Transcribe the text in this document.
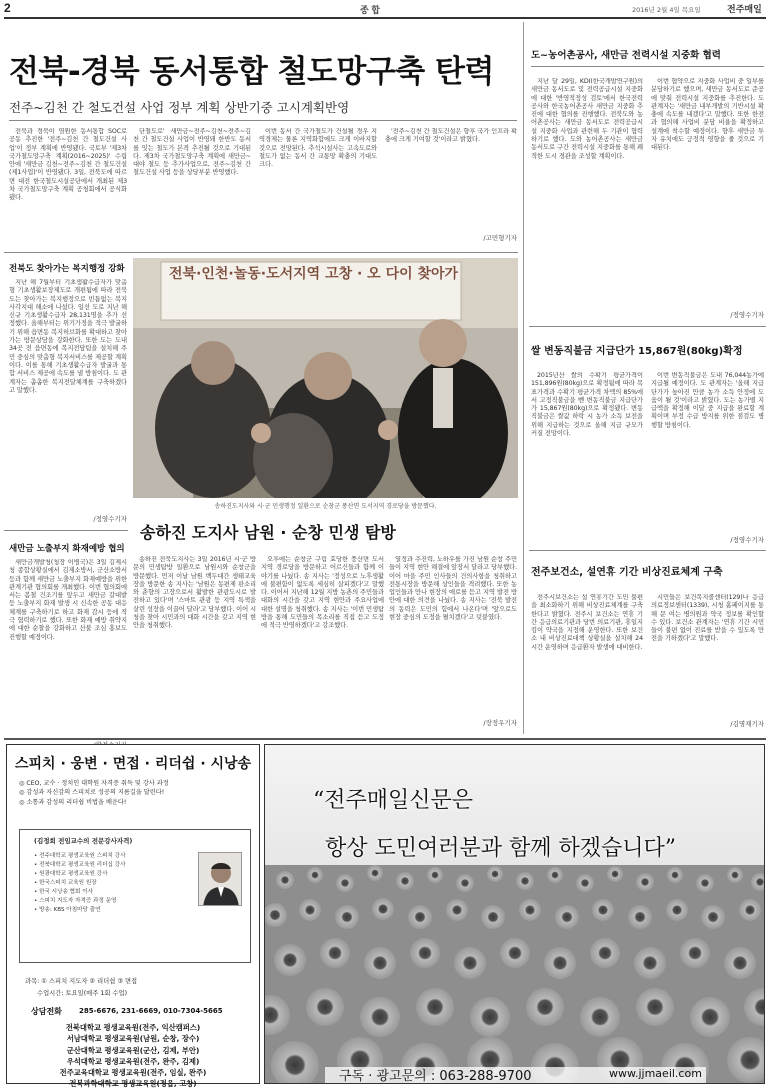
2	종 합	2016년 2월 4일 목요일	전주매일
전북-경북 동서통합 철도망구축 탄력
전주~김천 간 철도건설 사업 정부 계획 상반기중 고시계획반영

전북과 경북이 염원한 동서통합 SOC로 공동 추진한 '전주~김천 간 철도건설 사업'이 정부 계획에 반영됐다. 국토부 '제3차 국가철도망구축 계획(2016~2025)' 수립안에 '새만금 김천~전주~김천 간 철도건설(제1사업)'이 반영됐다. 3일, 전북도에 따르면 대전 한국철도시설공단에서 개최된 제3차 국가철도망구축 계획 공청회에서 공식화됐다.

단철도로' 새만금~전주~김천~전주~김천 간 철도건설 사업이 반영돼 한반도 동서를 잇는 철도가 본격 추진될 것으로 기대된다. 제3차 국가철도망구축 계획에 새만금~대야 철도 등 추가사업으로, 전주~김천 간 철도건설 사업 등을 상당부분 반영했다.

이번 동서 간 국가철도가 건설될 경우 지역경제는 물론 지역화합에도 크게 이바지할 것으로 전망된다. 추석시설사는 고속도로와 철도가 없는 동서 간 교통망 확충의 기대도 크다.

'전주~김천 간 철도건설은 향후 국가 인프라 확충에 크게 기여할 것'이라고 밝혔다.

/고민형기자
전북도 찾아가는 복지행정 강화

지난 해 7월부터 기초생활수급자가 맞춤형 기초생활보장제도로 개편됨에 따라 전북도는 찾아가는 복지행정으로 빈틈없는 복지 사각지대 해소에 나섰다. 일선 도로 지난 해 신규 기초생활수급자 28,131명을 추가 선정했다. 올해부터는 위기가정을 적극 발굴하기 위해 읍면동 복지허브화를 확대하고 찾아가는 방문상담을 강화한다. 또한 도는 도내 34곳 전 읍면동에 복지전담팀을 설치해 주민 중심의 맞춤형 복지서비스를 제공할 계획이다. 이를 통해 기초생활수급자 발굴과 통합 서비스 제공에 속도를 낼 방침이다. 도 관계자는 촘촘한 복지전달체계를 구축하겠다고 말했다.

/정영수기자
새만금 노출부지 화재예방 협의

새만금개발청(청장 이병국)은 3일 김제시청 종합상황실에서 김제소방서, 군산소방서 등과 함께 새만금 노출부지 화재예방을 위한 관계기관 협의회를 개최했다. 이번 협의회에서는 봄철 건조기를 앞두고 새만금 갈대밭 등 노출부지 화재 발생 시 신속한 공동 대응 체계를 구축하기로 하고 화재 감시 등에 적극 협력하기로 했다. 또한 화재 예방 취약지에 대한 순찰을 강화하고 산불 조심 홍보도 진행할 예정이다.

전북·인천·놀동·도서지역 고창 · 오 다이 찾아가
송하진도지사와 시·군 민생행정 일환으로 순창군 풍산면 도서지역 경로당을 방문했다.
송하진 도지사 남원 · 순창 민생 탐방

송하진 전북도지사는 3일 2016년 시·군 방문의 민생탐방 일환으로 남원시와 순창군을 방문했다. 먼저 이날 남원 백두대간 생태교육장을 방문한 송 지사는 '남원은 동편제 판소리와 춘향의 고장으로서 활발한 관광도시로 발전하고 있다'며 '스마트 관광 등 지역 특색을 살린 성장을 이끌어 달라'고 당부했다. 이어 시청을 찾아 시민과의 대화 시간을 갖고 지역 현안을 청취했다.

오후에는 순창군 구림 효당한 풍산면 도서지역 경로당을 방문하고 어르신들과 함께 이야기를 나눴다. 송 지사는 '정성으로 노후생활에 불편함이 없도록 세심히 살피겠다'고 말했다. 이어서 지난해 12월 지방 농촌의 주민들과 대화의 시간을 갖고 지역 현안과 주요사업에 대한 설명을 청취했다. 송 지사는 '이번 민생탐방을 통해 도민들의 목소리를 직접 듣고 도정에 적극 반영하겠다'고 강조했다.

열정과 추진력, 노하우를 가진 남원 순창 주민들이 지역 현안 해결에 앞장서 달라고 당부했다. 이어 마을 주민 인사들의 건의사항을 청취하고 전통시장을 방문해 상인들을 격려했다. 또한 농업인들과 만나 현장의 애로를 듣고 지역 발전 방안에 대한 의견을 나눴다. 송 지사는 '전북 발전의 동력은 도민의 힘에서 나온다'며 '앞으로도 현장 중심의 도정을 펼치겠다'고 덧붙였다.

/장정우기자
도~농어촌공사, 새만금 전력시설 지중화 협력

지난 달 29일, KDI(한국개발연구원)의 새만금 동서도로 및 전력공급시설 지중화에 대한 '반영적정성 검토'에서 한국전력공사와 한국농어촌공사 새만금 지중화 추진에 대한 협의를 진행했다. 전북도와 농어촌공사는 새만금 동서도로 전력공급시설 지중화 사업과 관련해 두 기관이 협력하기로 했다. 도와 농어촌공사는 새만금 동서도로 구간 전력시설 지중화를 통해 쾌적한 도시 경관을 조성할 계획이다.

이번 협약으로 지중화 사업비 중 일부를 분담하기로 했으며, 새만금 동서도로 준공에 맞춰 전력시설 지중화를 추진한다. 도 관계자는 '새만금 내부개발의 기반시설 확충에 속도를 내겠다'고 말했다. 또한 한전과 협의해 사업비 분담 비율을 확정하고 설계에 착수할 예정이다. 향후 새만금 투자 유치에도 긍정적 영향을 줄 것으로 기대된다.

/정영수기자
쌀 변동직불금 지급단가 15,867원(80kg)확정

2015년산 쌀의 수확기 평균가격이 151,896원(80kg)으로 확정됨에 따라 목표가격과 수확기 평균가격 차액의 85%에서 고정직불금을 뺀 변동직불금 지급단가가 15,867원(80kg)으로 확정됐다. 변동직불금은 쌀값 하락 시 농가 소득 보전을 위해 지급하는 것으로 올해 지급 규모가 커질 전망이다.

이번 변동직불금은 도내 76,044농가에 지급될 예정이다. 도 관계자는 '올해 지급 단가가 높아진 만큼 농가 소득 안정에 도움이 될 것'이라고 밝혔다. 도는 농가별 지급액을 확정해 이달 중 지급을 완료할 계획이며 부정 수급 방지를 위한 점검도 병행할 방침이다.

/정영수기자
전주보건소, 설연휴 기간 비상진료체계 구축

전주시보건소는 설 연휴기간 도민 불편을 최소화하기 위해 비상진료체계를 구축한다고 밝혔다. 전주시 보건소는 연휴 기간 응급의료기관과 당번 의료기관, 휴일지킴이 약국을 지정해 운영한다. 또한 보건소 내 비상진료대책 상황실을 설치해 24시간 운영하며 응급환자 발생에 대비한다.

시민들은 보건복지콜센터(129)나 응급의료정보센터(1339), 시청 홈페이지를 통해 문 여는 병의원과 약국 정보를 확인할 수 있다. 보건소 관계자는 '연휴 기간 시민들이 불편 없이 진료를 받을 수 있도록 만전을 기하겠다'고 말했다.

/김명재기자
스피치 · 웅변 · 면접 · 리더쉽 · 시낭송
◎ CEO, 교수 · 정치인 대학원 자격증 취득 및 강사 과정
◎ 감성과 자신감의 스피치로 성공의 지름길을 달린다!
◎ 소통과 감성의 리더쉽 비법을 배운다!
(김정희 전임교수의 전문강사자격)
• 전주대학교 평생교육원 스피치 강사
• 전북대학교 평생교육원 리더십 강사
• 원광대학교 평생교육원 강사
• 한국스피치 교육원 원장
• 한국 시낭송 협회 이사
• 스피치 지도자 자격증 과정 운영
• 방송: KBS 아침마당 출연
과목: ① 스피치 지도자 ② 리더쉽 ③ 면접
수업시간: 토요일(매주 1회 수업)
상담전화 285-6676, 231-6669, 010-7304-5665
전북대학교 평생교육원(전주, 익산캠퍼스)
서남대학교 평생교육원(남원, 순창, 장수)
군산대학교 평생교육원(군산, 김제, 부안)
우석대학교 평생교육원(전주, 완주, 김제)
전주교육대학교 평생교육원(전주, 임실, 완주)
전북과학대학교 평생교육원(정읍, 고창)
“전주매일신문은
항상 도민여러분과 함께 하겠습니다”
구독 · 광고문의 : 063-288-9700	www.jjmaeil.com
